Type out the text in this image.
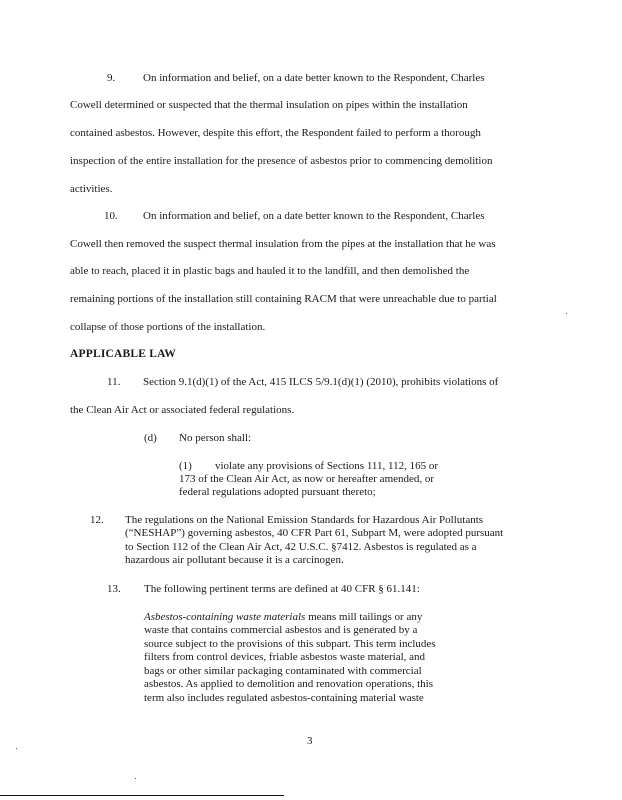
9.	On information and belief, on a date better known to the Respondent, Charles
Cowell determined or suspected that the thermal insulation on pipes within the installation
contained asbestos. However, despite this effort, the Respondent failed to perform a thorough
inspection of the entire installation for the presence of asbestos prior to commencing demolition
activities.
10. On information and belief, on a date better known to the Respondent, Charles
Cowell then removed the suspect thermal insulation from the pipes at the installation that he was
able to reach, placed it in plastic bags and hauled it to the landfill, and then demolished the
remaining portions of the installation still containing RACM that were unreachable due to partial
collapse of those portions of the installation.
APPLICABLE LAW
11. Section 9.1(d)(1) of the Act, 415 ILCS 5/9.1(d)(1) (2010), prohibits violations of
the Clean Air Act or associated federal regulations.
(d) No person shall:
(1) violate any provisions of Sections 111, 112, 165 or
173 of the Clean Air Act, as now or hereafter amended, or
federal regulations adopted pursuant thereto;
12. The regulations on the National Emission Standards for Hazardous Air Pollutants
(“NESHAP”) governing asbestos, 40 CFR Part 61, Subpart M, were adopted pursuant
to Section 112 of the Clean Air Act, 42 U.S.C. §7412. Asbestos is regulated as a
hazardous air pollutant because it is a carcinogen.
13. The following pertinent terms are defined at 40 CFR § 61.141:
Asbestos-containing waste materials means mill tailings or any
waste that contains commercial asbestos and is generated by a
source subject to the provisions of this subpart. This term includes
filters from control devices, friable asbestos waste material, and
bags or other similar packaging contaminated with commercial
asbestos. As applied to demolition and renovation operations, this
term also includes regulated asbestos-containing material waste
3
